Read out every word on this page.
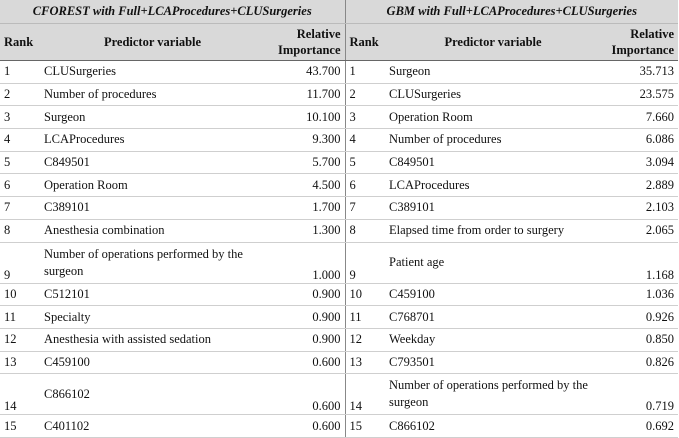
CFOREST with Full+LCAProcedures+CLUSurgeries			GBM with Full+LCAProcedures+CLUSurgeries		
Rank	Predictor variable	Relative Importance	Rank	Predictor variable	Relative Importance
1	CLUSurgeries	43.700	1	Surgeon	35.713
2	Number of procedures	11.700	2	CLUSurgeries	23.575
3	Surgeon	10.100	3	Operation Room	7.660
4	LCAProcedures	9.300	4	Number of procedures	6.086
5	C849501	5.700	5	C849501	3.094
6	Operation Room	4.500	6	LCAProcedures	2.889
7	C389101	1.700	7	C389101	2.103
8	Anesthesia combination	1.300	8	Elapsed time from order to surgery	2.065
9	Number of operations performed by the surgeon	1.000	9	Patient age	1.168
10	C512101	0.900	10	C459100	1.036
11	Specialty	0.900	11	C768701	0.926
12	Anesthesia with assisted sedation	0.900	12	Weekday	0.850
13	C459100	0.600	13	C793501	0.826
14	C866102	0.600	14	Number of operations performed by the surgeon	0.719
15	C401102	0.600	15	C866102	0.692
